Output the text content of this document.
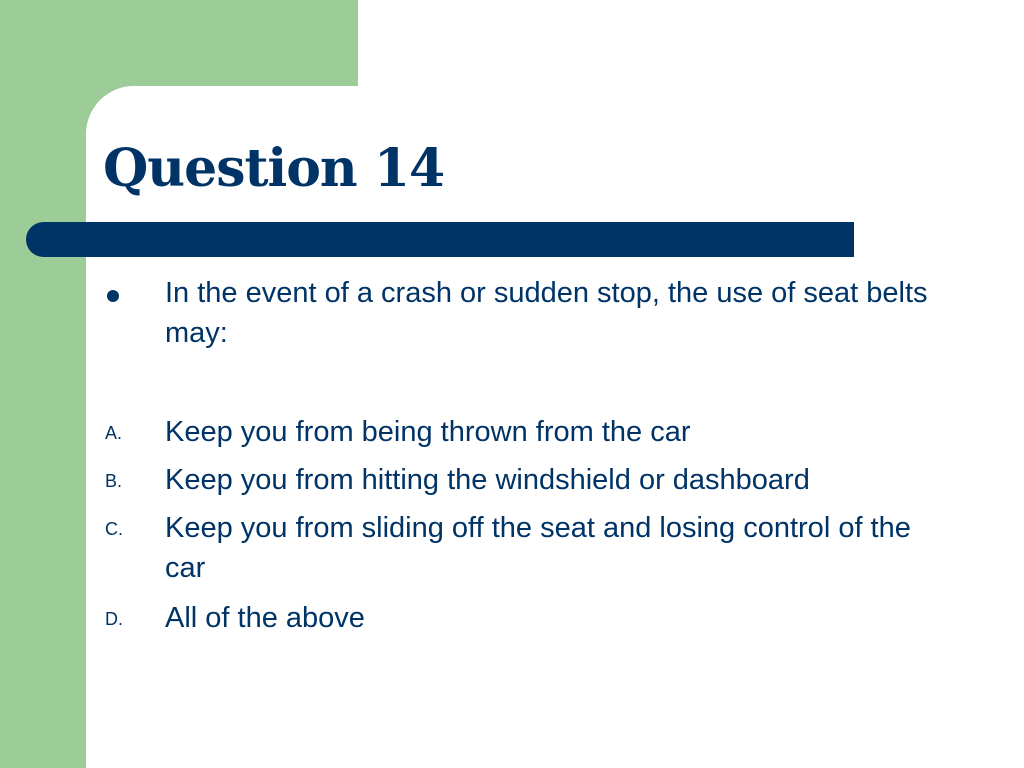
Question 14
In the event of a crash or sudden stop, the use of seat belts may:
A. Keep you from being thrown from the car
B. Keep you from hitting the windshield or dashboard
C. Keep you from sliding off the seat and losing control of the car
D. All of the above
